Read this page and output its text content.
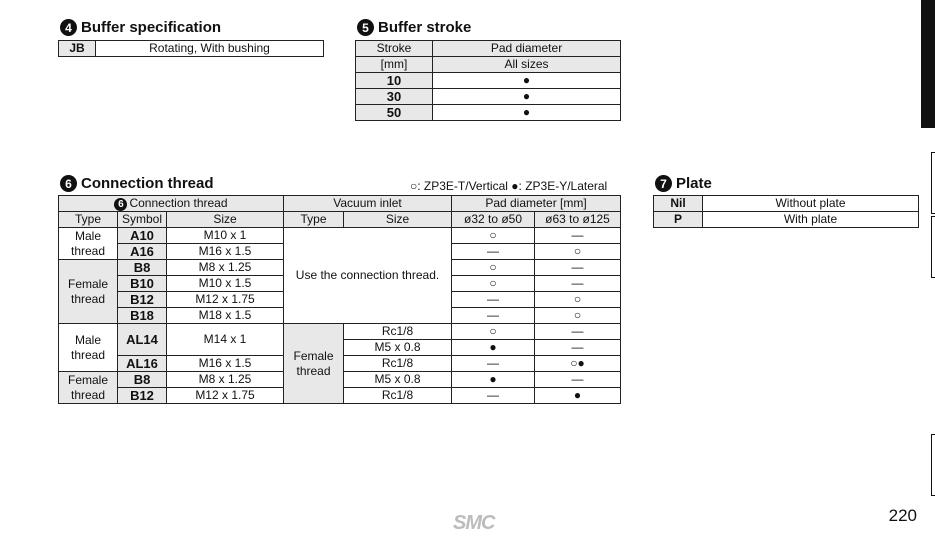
4 Buffer specification
JB	Rotating, With bushing
5 Buffer stroke
Stroke	Pad diameter
[mm]	All sizes
10	●
30	●
50	●
6 Connection thread	○: ZP3E-T/Vertical ●: ZP3E-Y/Lateral
6 Connection thread			Vacuum inlet		Pad diameter [mm]	
Type	Symbol	Size	Type	Size	ø32 to ø50	ø63 to ø125
Male thread	A10	M10 x 1	Use the connection thread.		○	—
	A16	M16 x 1.5			—	○
Female thread	B8	M8 x 1.25			○	—
	B10	M10 x 1.5			○	—
	B12	M12 x 1.75			—	○
	B18	M18 x 1.5			—	○
Male thread	AL14	M14 x 1	Female thread	Rc1/8	○	—
				M5 x 0.8	●	—
	AL16	M16 x 1.5		Rc1/8	—	○●
Female thread	B8	M8 x 1.25		M5 x 0.8	●	—
	B12	M12 x 1.75		Rc1/8	—	●
7 Plate
Nil	Without plate
P	With plate
SMC	220
